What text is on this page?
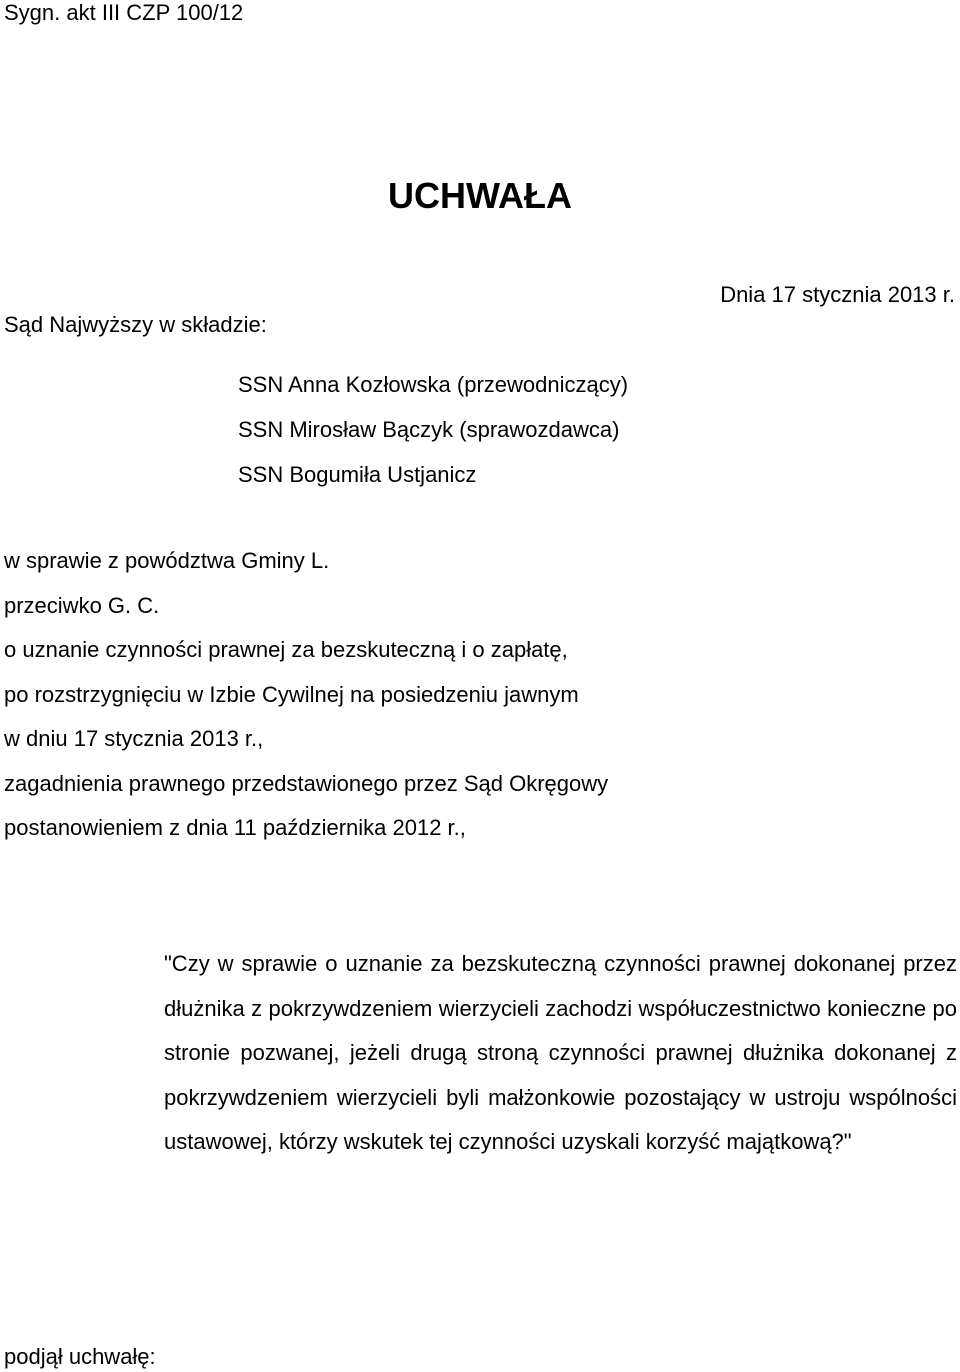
Sygn. akt III CZP 100/12
UCHWAŁA
Dnia 17 stycznia 2013 r.
Sąd Najwyższy w składzie:
SSN Anna Kozłowska (przewodniczący)
SSN Mirosław Bączyk (sprawozdawca)
SSN Bogumiła Ustjanicz
w sprawie z powództwa Gminy L.
przeciwko G. C.
o uznanie czynności prawnej za bezskuteczną i o zapłatę,
po rozstrzygnięciu w Izbie Cywilnej na posiedzeniu jawnym
w dniu 17 stycznia 2013 r.,
zagadnienia prawnego przedstawionego przez Sąd Okręgowy
postanowieniem z dnia 11 października 2012 r.,
"Czy w sprawie o uznanie za bezskuteczną czynności prawnej dokonanej przez dłużnika z pokrzywdzeniem wierzycieli zachodzi współuczestnictwo konieczne po stronie pozwanej, jeżeli drugą stroną czynności prawnej dłużnika dokonanej z pokrzywdzeniem wierzycieli byli małżonkowie pozostający w ustroju wspólności ustawowej, którzy wskutek tej czynności uzyskali korzyść majątkową?"
podjął uchwałę:
